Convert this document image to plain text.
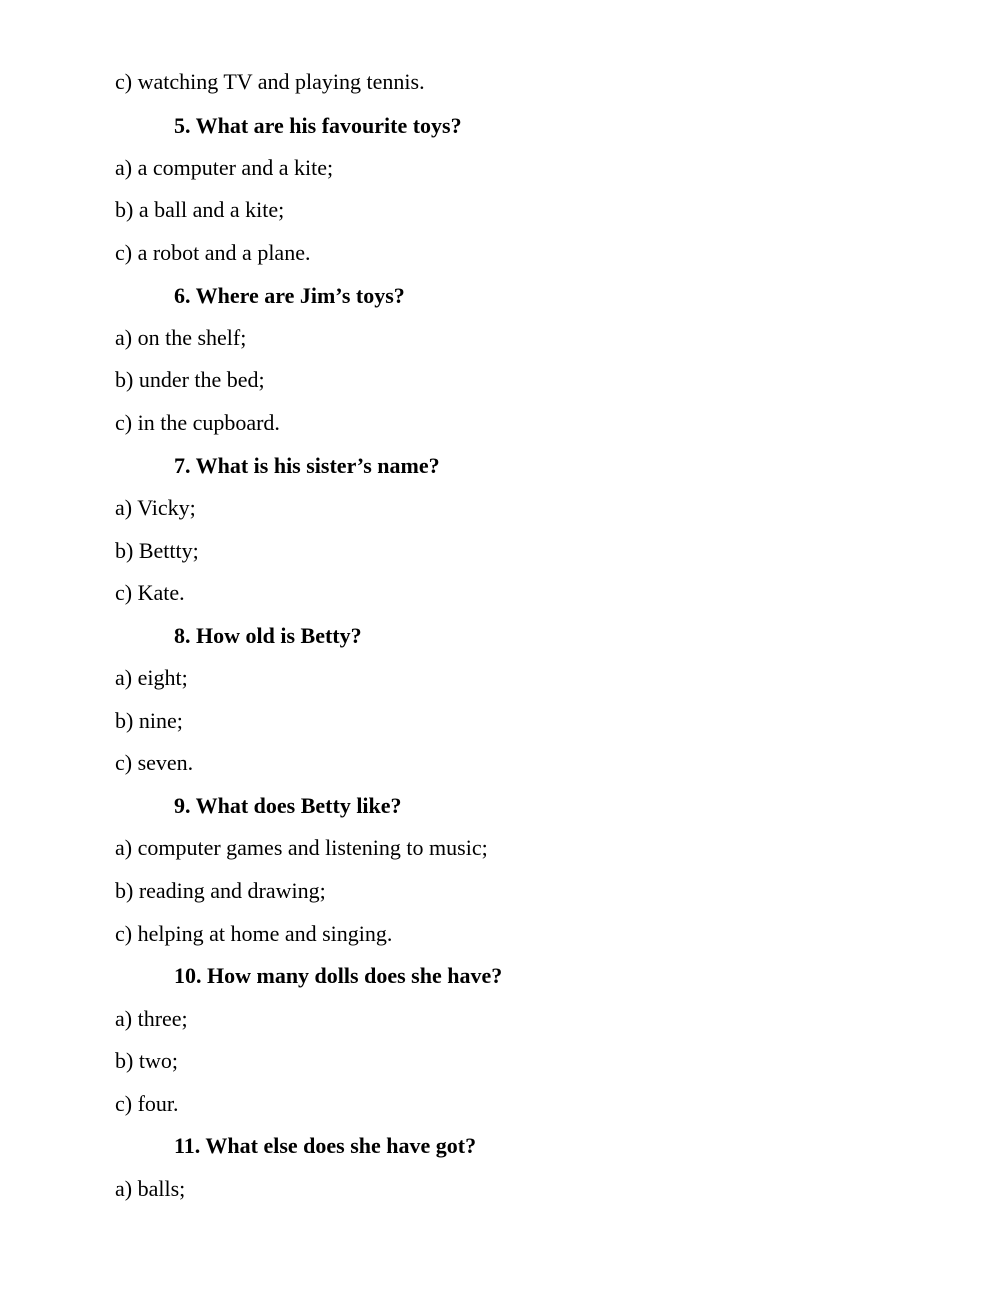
c) watching TV and playing tennis.
5. What are his favourite toys?
a) a computer and a kite;
b) a ball and a kite;
c) a robot and a plane.
6. Where are Jim’s toys?
a) on the shelf;
b) under the bed;
c) in the cupboard.
7. What is his sister’s name?
a) Vicky;
b) Bettty;
c) Kate.
8. How old is Betty?
a) eight;
b) nine;
c) seven.
9. What does Betty like?
a) computer games and listening to music;
b) reading and drawing;
c) helping at home and singing.
10. How many dolls does she have?
a) three;
b) two;
c) four.
11. What else does she have got?
a) balls;
